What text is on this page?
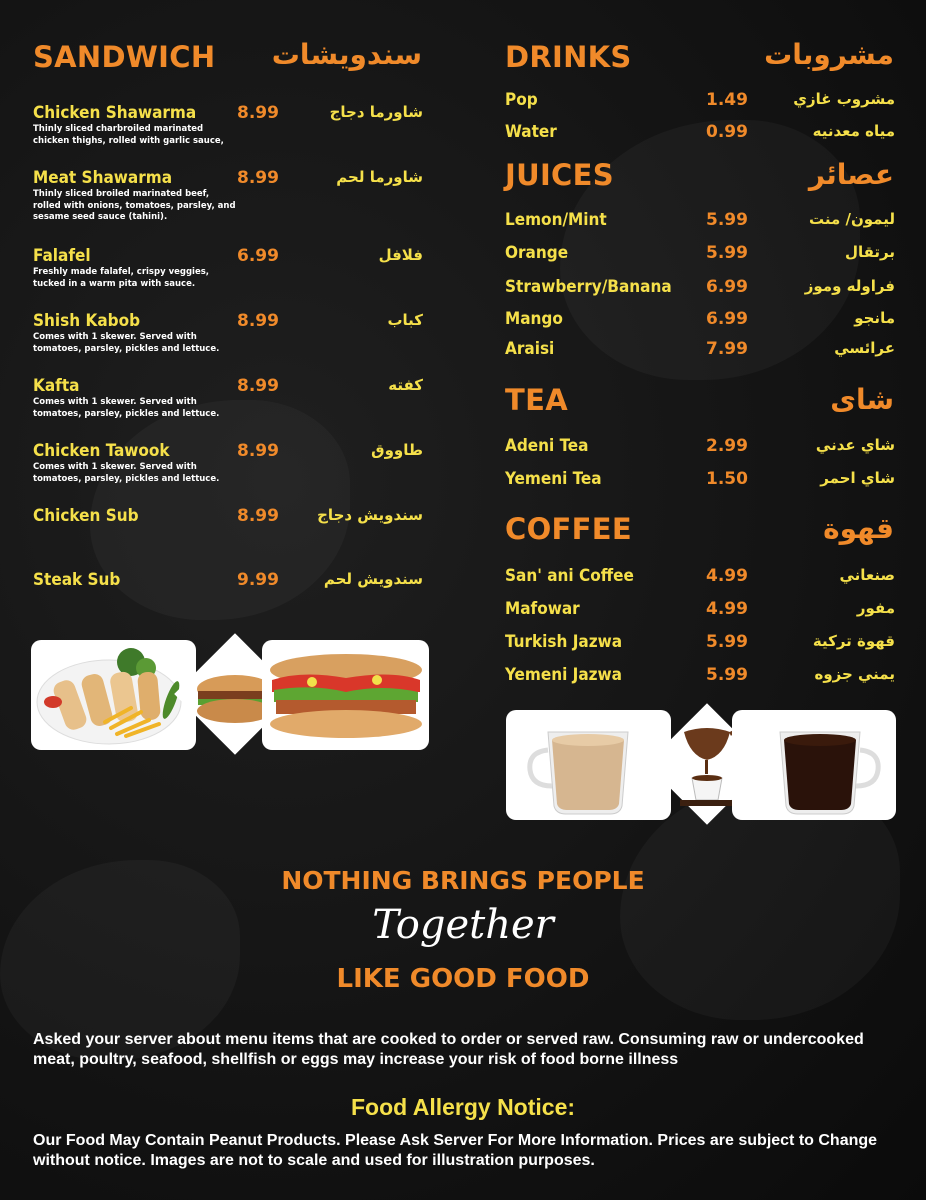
SANDWICH	سندويشات
Chicken Shawarma
Thinly sliced charbroiled marinated chicken thighs, rolled with garlic sauce,
8.99	شاورما دجاج
Meat Shawarma
Thinly sliced broiled marinated beef, rolled with onions, tomatoes, parsley, and sesame seed sauce (tahini).
8.99	شاورما لحم
Falafel
Freshly made falafel, crispy veggies, tucked in a warm pita with sauce.
6.99	فلافل
Shish Kabob
Comes with 1 skewer. Served with tomatoes, parsley, pickles and lettuce.
8.99	كباب
Kafta
Comes with 1 skewer. Served with tomatoes, parsley, pickles and lettuce.
8.99	كفته
Chicken Tawook
Comes with 1 skewer. Served with tomatoes, parsley, pickles and lettuce.
8.99	طاووق
Chicken Sub	8.99	سندويش دجاج
Steak Sub	9.99	سندويش لحم
DRINKS	مشروبات
Pop	1.49	مشروب غازي
Water	0.99	مياه معدنيه
JUICES	عصائر
Lemon/Mint	5.99	ليمون/ منت
Orange	5.99	برتقال
Strawberry/Banana 6.99	فراوله وموز
Mango	6.99	مانجو
Araisi	7.99	عرائسي
TEA	شاى
Adeni Tea	2.99	شاي عدني
Yemeni Tea	1.50	شاي احمر
COFFEE	قهوة
San' ani Coffee	4.99	صنعاني
Mafowar	4.99	مفور
Turkish Jazwa	5.99	قهوة تركية
Yemeni Jazwa	5.99	يمني جزوه
NOTHING BRINGS PEOPLE
Together
LIKE GOOD FOOD
Asked your server about menu items that are cooked to order or served raw. Consuming raw or undercooked meat, poultry, seafood, shellfish or eggs may increase your risk of food borne illness
Food Allergy Notice:
Our Food May Contain Peanut Products. Please Ask Server For More Information. Prices are subject to Change without notice. Images are not to scale and used for illustration purposes.
